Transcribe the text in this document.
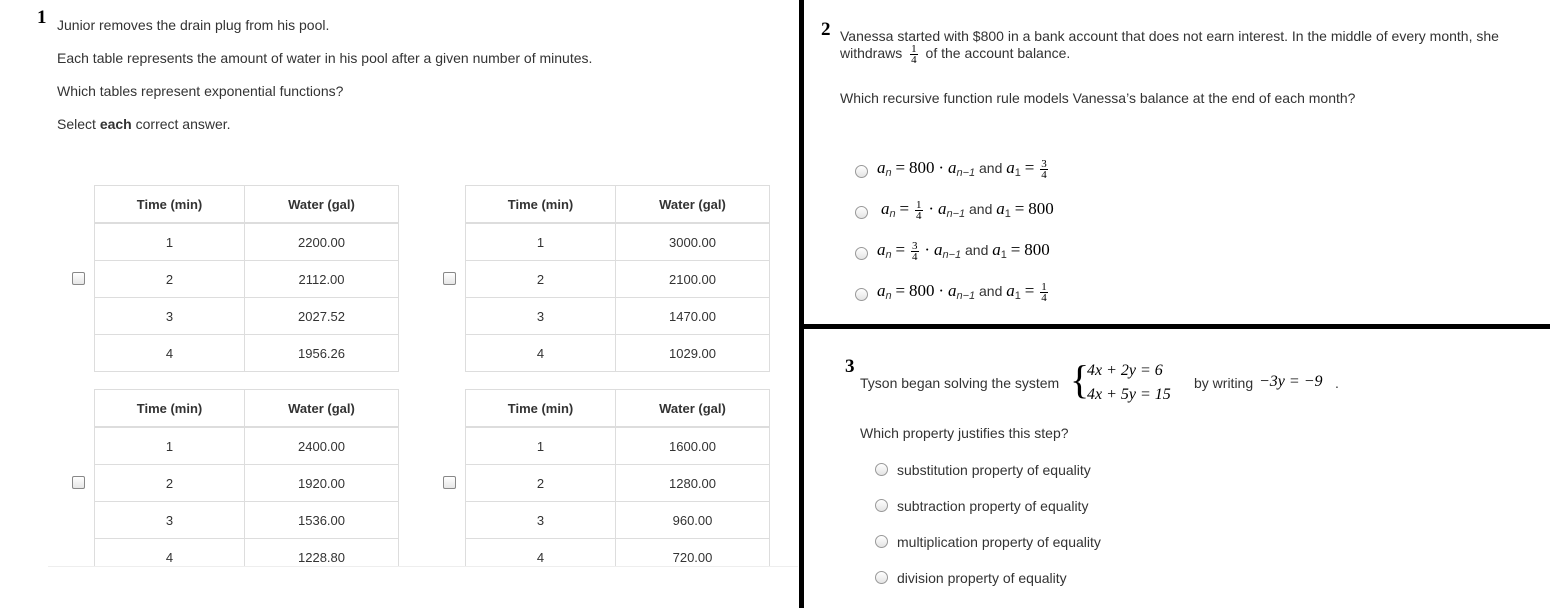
1 Junior removes the drain plug from his pool.
Each table represents the amount of water in his pool after a given number of minutes.
Which tables represent exponential functions?
Select each correct answer.
Time (min)	Water (gal)
1	2200.00
2	2112.00
3	2027.52
4	1956.26
Time (min)	Water (gal)
1	3000.00
2	2100.00
3	1470.00
4	1029.00
Time (min)	Water (gal)
1	2400.00
2	1920.00
3	1536.00
4	1228.80
Time (min)	Water (gal)
1	1600.00
2	1280.00
3	960.00
4	720.00
2 Vanessa started with $800 in a bank account that does not earn interest. In the middle of every month, she
withdraws $\frac{1}{4}$ of the account balance.
Which recursive function rule models Vanessa’s balance at the end of each month?
$a_n = 800 \cdot a_{n-1}$ and $a_1 = \frac{3}{4}$
$a_n = \frac{1}{4} \cdot a_{n-1}$ and $a_1 = 800$
$a_n = \frac{3}{4} \cdot a_{n-1}$ and $a_1 = 800$
$a_n = 800 \cdot a_{n-1}$ and $a_1 = \frac{1}{4}$
3
Tyson began solving the system {
4x + 2y = 6
4x + 5y = 15
by writing −3y = −9 .
Which property justifies this step?
substitution property of equality
subtraction property of equality
multiplication property of equality
division property of equality
